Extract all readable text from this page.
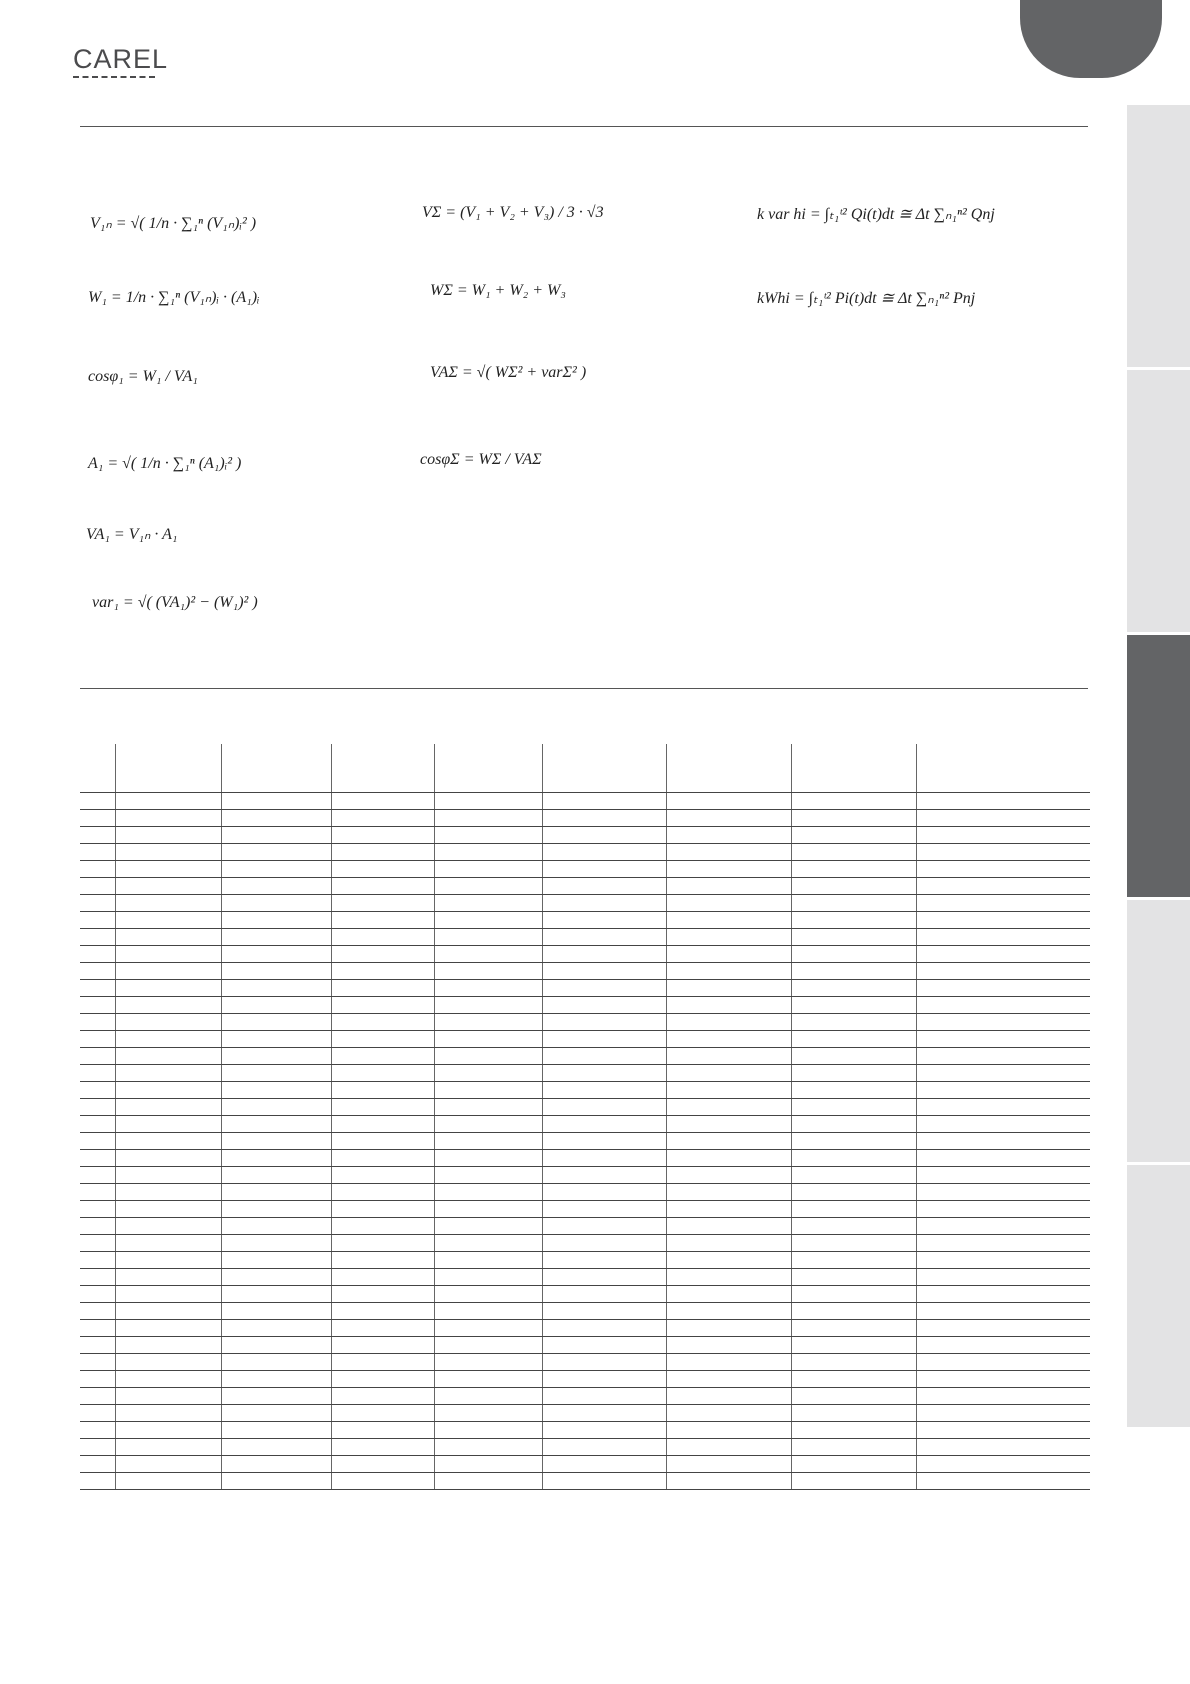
CAREL
V₁ₙ = √( 1/n · ∑₁ⁿ (V₁ₙ)ᵢ² )
W₁ = 1/n · ∑₁ⁿ (V₁ₙ)ᵢ · (A₁)ᵢ
cosφ₁ = W₁ / VA₁
A₁ = √( 1/n · ∑₁ⁿ (A₁)ᵢ² )
VA₁ = V₁ₙ · A₁
var₁ = √( (VA₁)² − (W₁)² )
VΣ = (V₁ + V₂ + V₃) / 3 · √3
WΣ = W₁ + W₂ + W₃
VAΣ = √( WΣ² + varΣ² )
cosφΣ = WΣ / VAΣ
k var hi = ∫ₜ₁ᵗ² Qi(t)dt ≅ Δt ∑ₙ₁ⁿ² Qnj
kWhi = ∫ₜ₁ᵗ² Pi(t)dt ≅ Δt ∑ₙ₁ⁿ² Pnj
